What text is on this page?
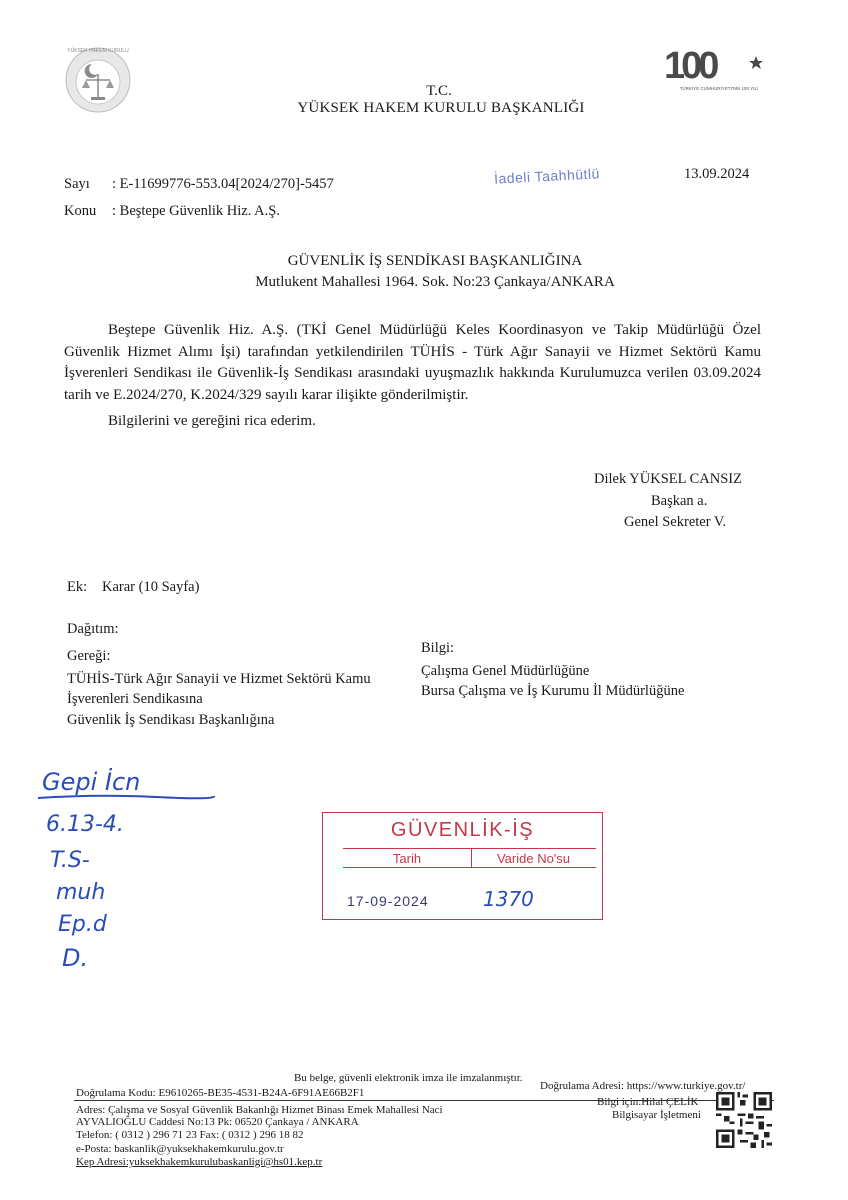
YÜKSEK HAKEM KURULU	100
TÜRKİYE CUMHURİYETİ'NİN 100.YILI
T.C.
YÜKSEK HAKEM KURULU BAŞKANLIĞI
Sayı : E-11699776-553.04[2024/270]-5457
Konu : Beştepe Güvenlik Hiz. A.Ş.
13.09.2024
İadeli Taahhütlü
GÜVENLİK İŞ SENDİKASI BAŞKANLIĞINA
Mutlukent Mahallesi 1964. Sok. No:23 Çankaya/ANKARA

Beştepe Güvenlik Hiz. A.Ş. (TKİ Genel Müdürlüğü Keles Koordinasyon ve Takip Müdürlüğü Özel Güvenlik Hizmet Alımı İşi) tarafından yetkilendirilen TÜHİS - Türk Ağır Sanayii ve Hizmet Sektörü Kamu İşverenleri Sendikası ile Güvenlik-İş Sendikası arasındaki uyuşmazlık hakkında Kurulumuzca verilen 03.09.2024 tarih ve E.2024/270, K.2024/329 sayılı karar ilişikte gönderilmiştir.

Bilgilerini ve gereğini rica ederim.
Dilek YÜKSEL CANSIZ
Başkan a.
Genel Sekreter V.
Ek: Karar (10 Sayfa)
Dağıtım:
Gereği:
TÜHİS-Türk Ağır Sanayii ve Hizmet Sektörü Kamu
İşverenleri Sendikasına
Güvenlik İş Sendikası Başkanlığına
Bilgi:
Çalışma Genel Müdürlüğüne
Bursa Çalışma ve İş Kurumu İl Müdürlüğüne
Gepi İcn
6.13-4.
T.S-
muh
Ep.d
D.
GÜVENLİK-İŞ
Tarih	Varide No'su
17-09-2024	1370
Bu belge, güvenli elektronik imza ile imzalanmıştır.
Doğrulama Kodu: E9610265-BE35-4531-B24A-6F91AE66B2F1
Doğrulama Adresi: https://www.turkiye.gov.tr/
Adres: Çalışma ve Sosyal Güvenlik Bakanlığı Hizmet Binası Emek Mahallesi Naci
AYVALIOĞLU Caddesi No:13 Pk: 06520 Çankaya / ANKARA
Telefon: ( 0312 ) 296 71 23 Fax: ( 0312 ) 296 18 82
e-Posta: baskanlik@yuksekhakemkurulu.gov.tr
Kep Adresi:yuksekhakemkurulubaskanligi@hs01.kep.tr
Bilgi için:Hilal ÇELİK
Bilgisayar İşletmeni
